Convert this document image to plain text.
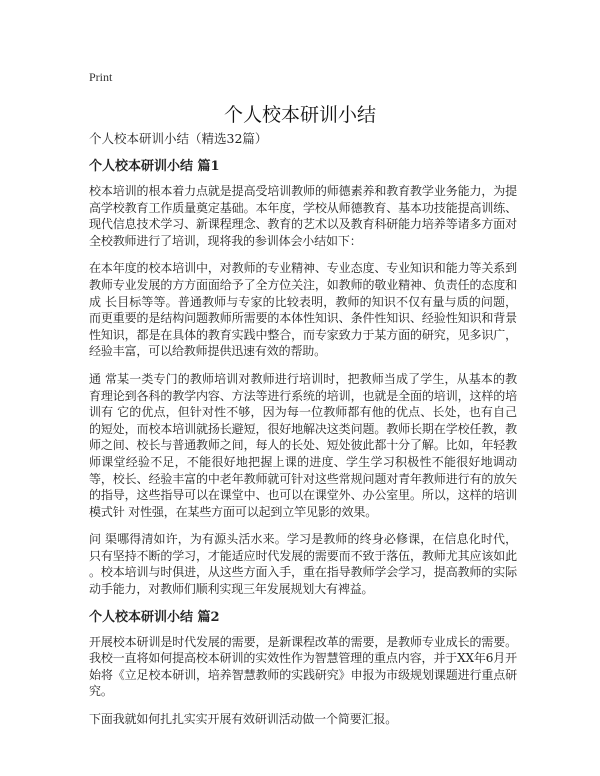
Print
个人校本研训小结

个人校本研训小结（精选32篇）

个人校本研训小结 篇1

校本培训的根本着力点就是提高受培训教师的师德素养和教育教学业务能力，为提高学校教育工作质量奠定基础。本年度，学校从师德教育、基本功技能提高训练、现代信息技术学习、新课程理念、教育的艺术以及教育科研能力培养等诸多方面对全校教师进行了培训，现将我的参训体会小结如下：

在本年度的校本培训中，对教师的专业精神、专业态度、专业知识和能力等关系到教师专业发展的方方面面给予了全方位关注，如教师的敬业精神、负责任的态度和成 长目标等等。普通教师与专家的比较表明，教师的知识不仅有量与质的问题，而更重要的是结构问题教师所需要的本体性知识、条件性知识、经验性知识和背景性知识，都是在具体的教育实践中整合，而专家致力于某方面的研究，见多识广，经验丰富，可以给教师提供迅速有效的帮助。

通 常某一类专门的教师培训对教师进行培训时，把教师当成了学生，从基本的教育理论到各科的教学内容、方法等进行系统的培训，也就是全面的培训，这样的培训有 它的优点，但针对性不够，因为每一位教师都有他的优点、长处，也有自己的短处，而校本培训就扬长避短，很好地解决这类问题。教师长期在学校任教，教师之间、校长与普通教师之间，每人的长处、短处彼此都十分了解。比如，年轻教师课堂经验不足，不能很好地把握上课的进度、学生学习积极性不能很好地调动等，校长、经验丰富的中老年教师就可针对这些常规问题对青年教师进行有的放矢的指导，这些指导可以在课堂中、也可以在课堂外、办公室里。所以，这样的培训模式针 对性强，在某些方面可以起到立竿见影的效果。

问 渠哪得清如许，为有源头活水来。学习是教师的终身必修课，在信息化时代，只有坚持不断的学习，才能适应时代发展的需要而不致于落伍，教师尤其应该如此 。校本培训与时俱进，从这些方面入手，重在指导教师学会学习，提高教师的实际动手能力，对教师们顺利实现三年发展规划大有裨益。

个人校本研训小结 篇2

开展校本研训是时代发展的需要，是新课程改革的需要，是教师专业成长的需要。我校一直将如何提高校本研训的实效性作为智慧管理的重点内容，并于XX年6月开始将《立足校本研训，培养智慧教师的实践研究》申报为市级规划课题进行重点研究。

下面我就如何扎扎实实开展有效研训活动做一个简要汇报。
